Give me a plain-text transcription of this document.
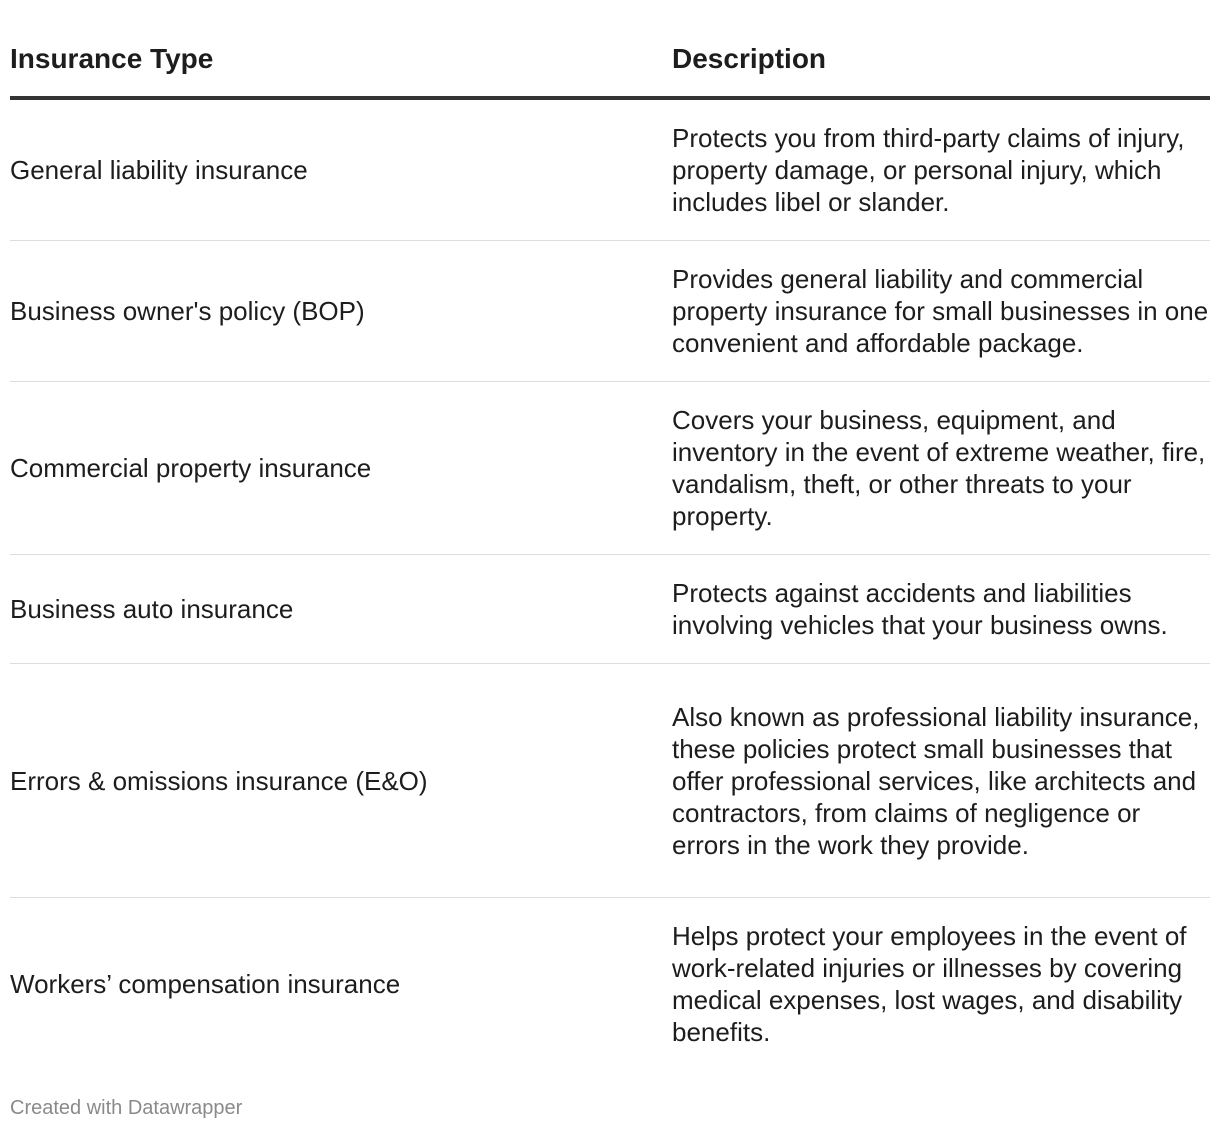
Insurance Type	Description
General liability insurance	Protects you from third-party claims of injury, property damage, or personal injury, which includes libel or slander.
Business owner's policy (BOP)	Provides general liability and commercial property insurance for small businesses in one convenient and affordable package.
Commercial property insurance	Covers your business, equipment, and inventory in the event of extreme weather, fire, vandalism, theft, or other threats to your property.
Business auto insurance	Protects against accidents and liabilities involving vehicles that your business owns.
Errors & omissions insurance (E&O)	Also known as professional liability insurance, these policies protect small businesses that offer professional services, like architects and contractors, from claims of negligence or errors in the work they provide.
Workers’ compensation insurance	Helps protect your employees in the event of work-related injuries or illnesses by covering medical expenses, lost wages, and disability benefits.
Created with Datawrapper
